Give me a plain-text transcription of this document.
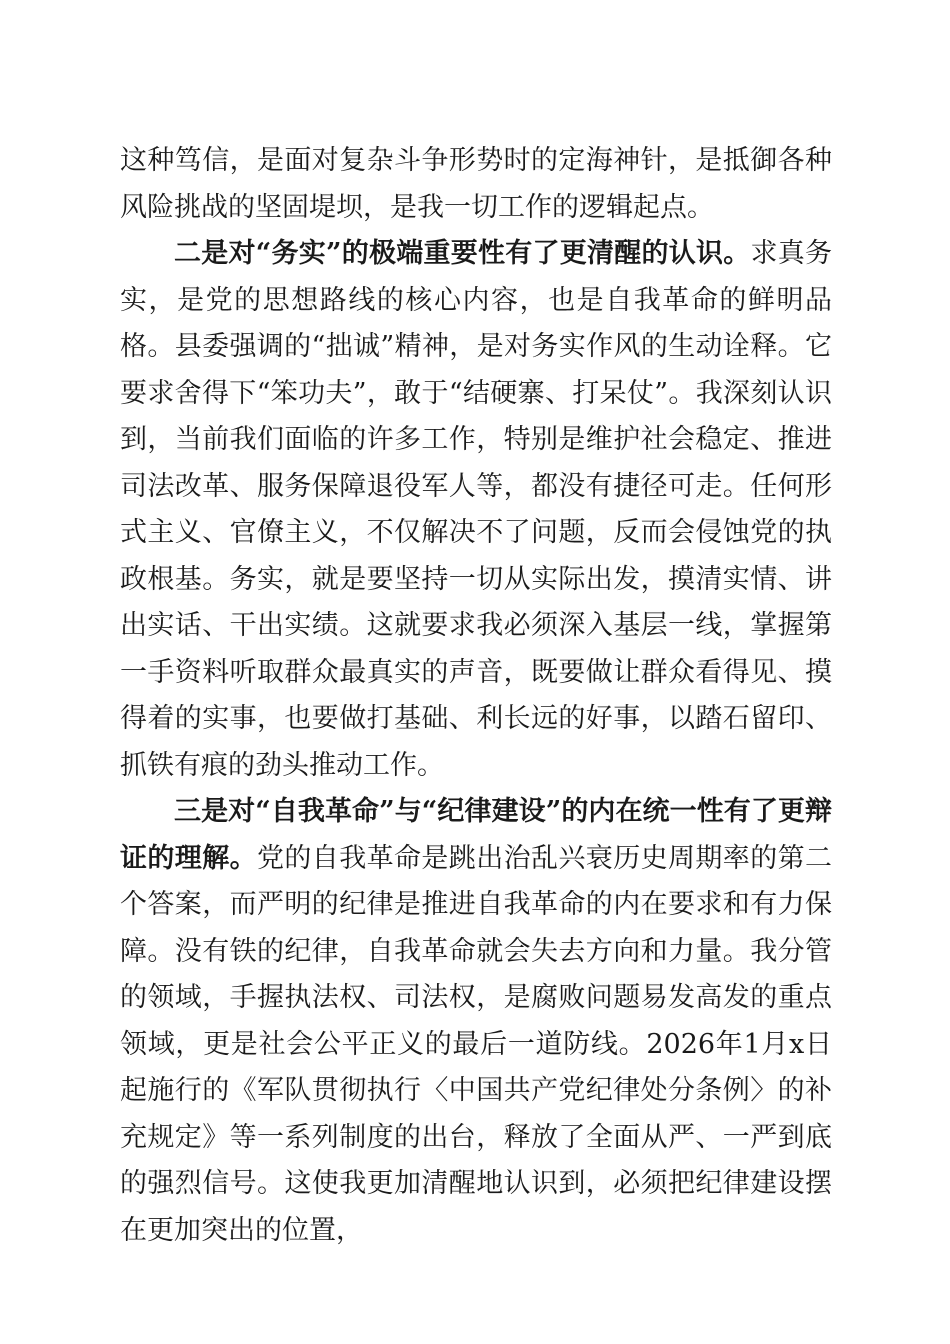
这种笃信，是面对复杂斗争形势时的定海神针，是抵御各种风险挑战的坚固堤坝，是我一切工作的逻辑起点。

二是对“务实”的极端重要性有了更清醒的认识。求真务实，是党的思想路线的核心内容，也是自我革命的鲜明品格。县委强调的“拙诚”精神，是对务实作风的生动诠释。它要求舍得下“笨功夫”，敢于“结硬寨、打呆仗”。我深刻认识到，当前我们面临的许多工作，特别是维护社会稳定、推进司法改革、服务保障退役军人等，都没有捷径可走。任何形式主义、官僚主义，不仅解决不了问题，反而会侵蚀党的执政根基。务实，就是要坚持一切从实际出发，摸清实情、讲出实话、干出实绩。这就要求我必须深入基层一线，掌握第一手资料听取群众最真实的声音，既要做让群众看得见、摸得着的实事，也要做打基础、利长远的好事，以踏石留印、抓铁有痕的劲头推动工作。

三是对“自我革命”与“纪律建设”的内在统一性有了更辩证的理解。党的自我革命是跳出治乱兴衰历史周期率的第二个答案，而严明的纪律是推进自我革命的内在要求和有力保障。没有铁的纪律，自我革命就会失去方向和力量。我分管的领域，手握执法权、司法权，是腐败问题易发高发的重点领域，更是社会公平正义的最后一道防线。2026年1月x日起施行的《军队贯彻执行〈中国共产党纪律处分条例〉的补充规定》等一系列制度的出台，释放了全面从严、一严到底的强烈信号。这使我更加清醒地认识到，必须把纪律建设摆在更加突出的位置，
